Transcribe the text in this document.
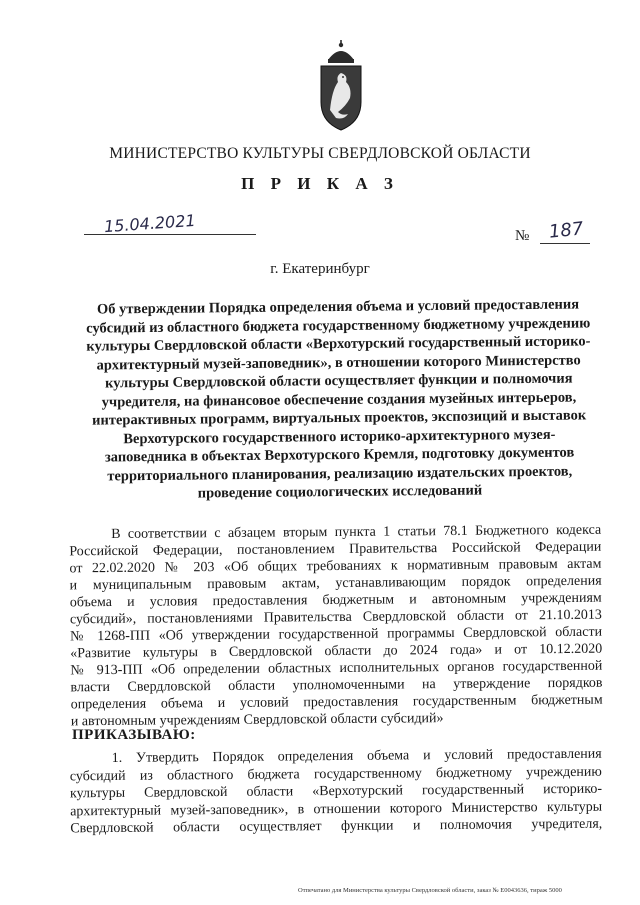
МИНИСТЕРСТВО КУЛЬТУРЫ СВЕРДЛОВСКОЙ ОБЛАСТИ
П Р И К А З
15.04.2021	№ 187
г. Екатеринбург
Об утверждении Порядка определения объема и условий предоставления
субсидий из областного бюджета государственному бюджетному учреждению
культуры Свердловской области «Верхотурский государственный историко-
архитектурный музей-заповедник», в отношении которого Министерство
культуры Свердловской области осуществляет функции и полномочия
учредителя, на финансовое обеспечение создания музейных интерьеров,
интерактивных программ, виртуальных проектов, экспозиций и выставок
Верхотурского государственного историко-архитектурного музея-
заповедника в объектах Верхотурского Кремля, подготовку документов
территориального планирования, реализацию издательских проектов,
проведение социологических исследований
В соответствии с абзацем вторым пункта 1 статьи 78.1 Бюджетного кодекса
Российской Федерации, постановлением Правительства Российской Федерации
от 22.02.2020 № 203 «Об общих требованиях к нормативным правовым актам
и муниципальным правовым актам, устанавливающим порядок определения
объема и условия предоставления бюджетным и автономным учреждениям
субсидий», постановлениями Правительства Свердловской области от 21.10.2013
№ 1268-ПП «Об утверждении государственной программы Свердловской области
«Развитие культуры в Свердловской области до 2024 года» и от 10.12.2020
№ 913-ПП «Об определении областных исполнительных органов государственной
власти Свердловской области уполномоченными на утверждение порядков
определения объема и условий предоставления государственным бюджетным
и автономным учреждениям Свердловской области субсидий»
ПРИКАЗЫВАЮ:
1. Утвердить Порядок определения объема и условий предоставления
субсидий из областного бюджета государственному бюджетному учреждению
культуры Свердловской области «Верхотурский государственный историко-
архитектурный музей-заповедник», в отношении которого Министерство культуры
Свердловской области осуществляет функции и полномочия учредителя,
Отпечатано для Министерства культуры Свердловской области, заказ № Е0043636, тираж 5000
